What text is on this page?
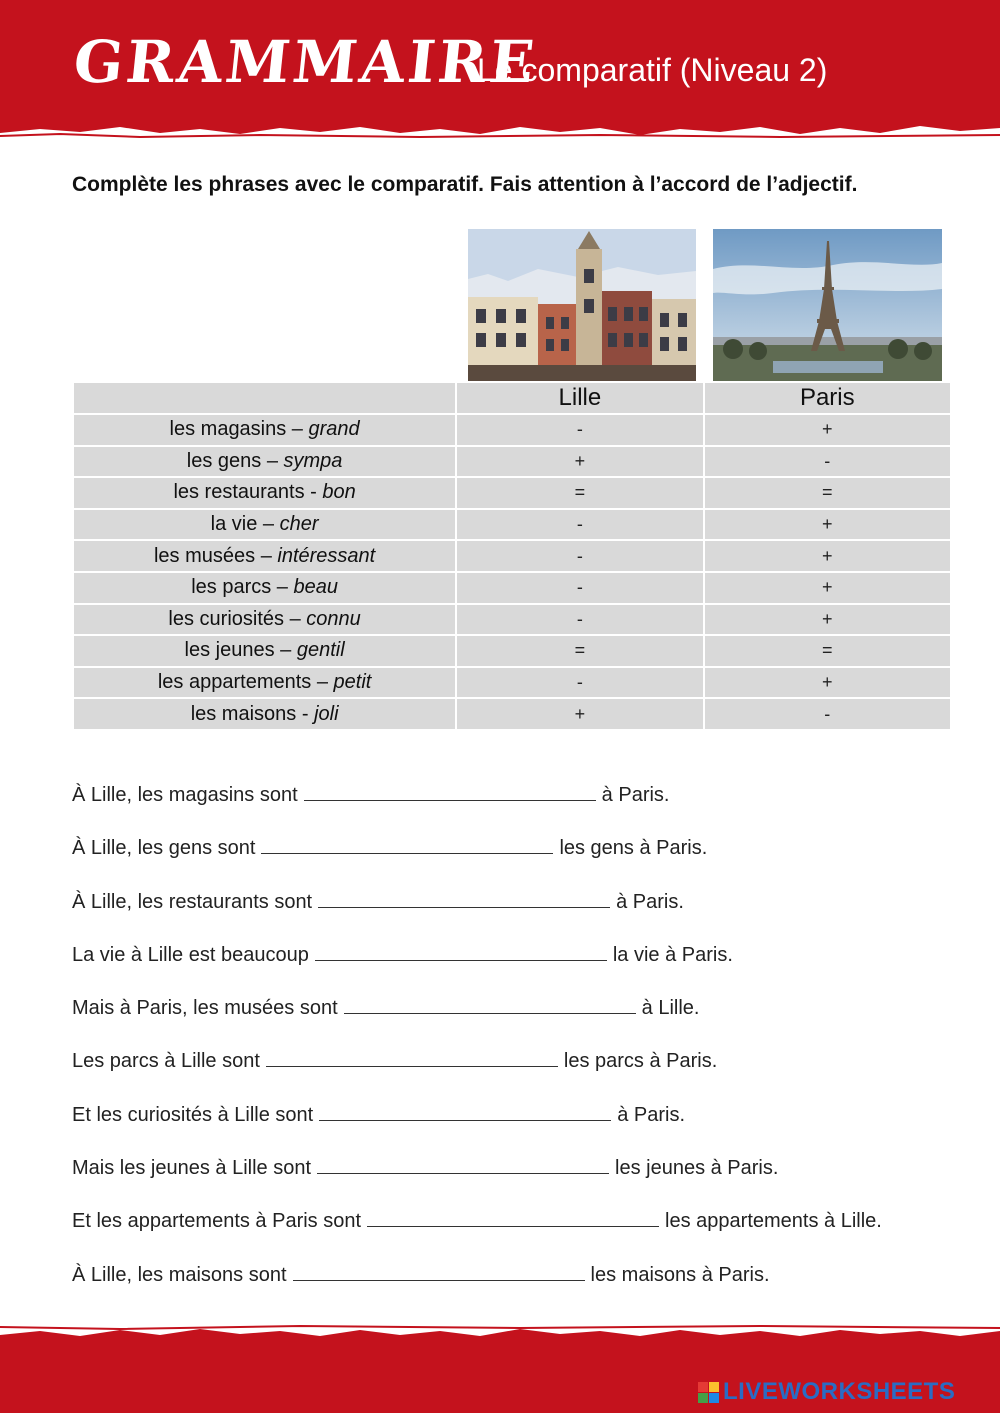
GRAMMAIRE
Le comparatif (Niveau 2)
Complète les phrases avec le comparatif. Fais attention à l’accord de l’adjectif.
	Lille	Paris
les magasins – grand	-	+
les gens – sympa	+	-
les restaurants - bon	=	=
la vie – cher	-	+
les musées – intéressant	-	+
les parcs – beau	-	+
les curiosités – connu	-	+
les jeunes – gentil	=	=
les appartements – petit	-	+
les maisons - joli	+	-
À Lille, les magasins sont	à Paris.
À Lille, les gens sont	les gens à Paris.
À Lille, les restaurants sont	à Paris.
La vie à Lille est beaucoup	la vie à Paris.
Mais à Paris, les musées sont	à Lille.
Les parcs à Lille sont	les parcs à Paris.
Et les curiosités à Lille sont	à Paris.
Mais les jeunes à Lille sont	les jeunes à Paris.
Et les appartements à Paris sont	les appartements à Lille.
À Lille, les maisons sont	les maisons à Paris.
LIVEWORKSHEETS
